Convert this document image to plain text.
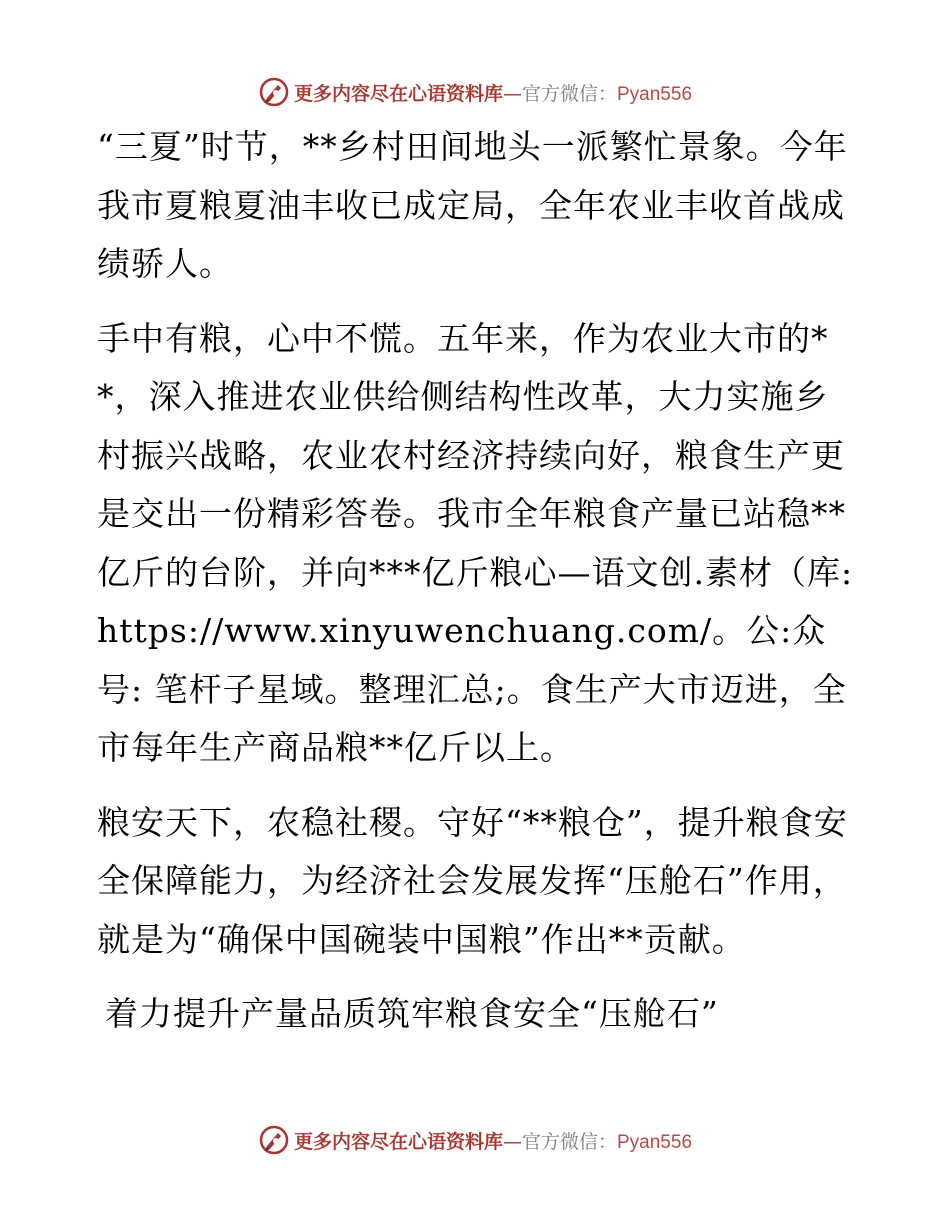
更多内容尽在心语资料库—官方微信：Pyan556

“三夏”时节，**乡村田间地头一派繁忙景象。今年我市夏粮夏油丰收已成定局，全年农业丰收首战成绩骄人。

手中有粮，心中不慌。五年来，作为农业大市的**，深入推进农业供给侧结构性改革，大力实施乡村振兴战略，农业农村经济持续向好，粮食生产更是交出一份精彩答卷。我市全年粮食产量已站稳**亿斤的台阶，并向***亿斤粮心—语文创.素材（库: https://www.xinyuwenchuang.com/。公:众号: 笔杆子星域。整理汇总;。食生产大市迈进，全市每年生产商品粮**亿斤以上。

粮安天下，农稳社稷。守好“**粮仓”，提升粮食安全保障能力，为经济社会发展发挥“压舱石”作用，就是为“确保中国碗装中国粮”作出**贡献。

着力提升产量品质筑牢粮食安全“压舱石”

更多内容尽在心语资料库—官方微信：Pyan556
